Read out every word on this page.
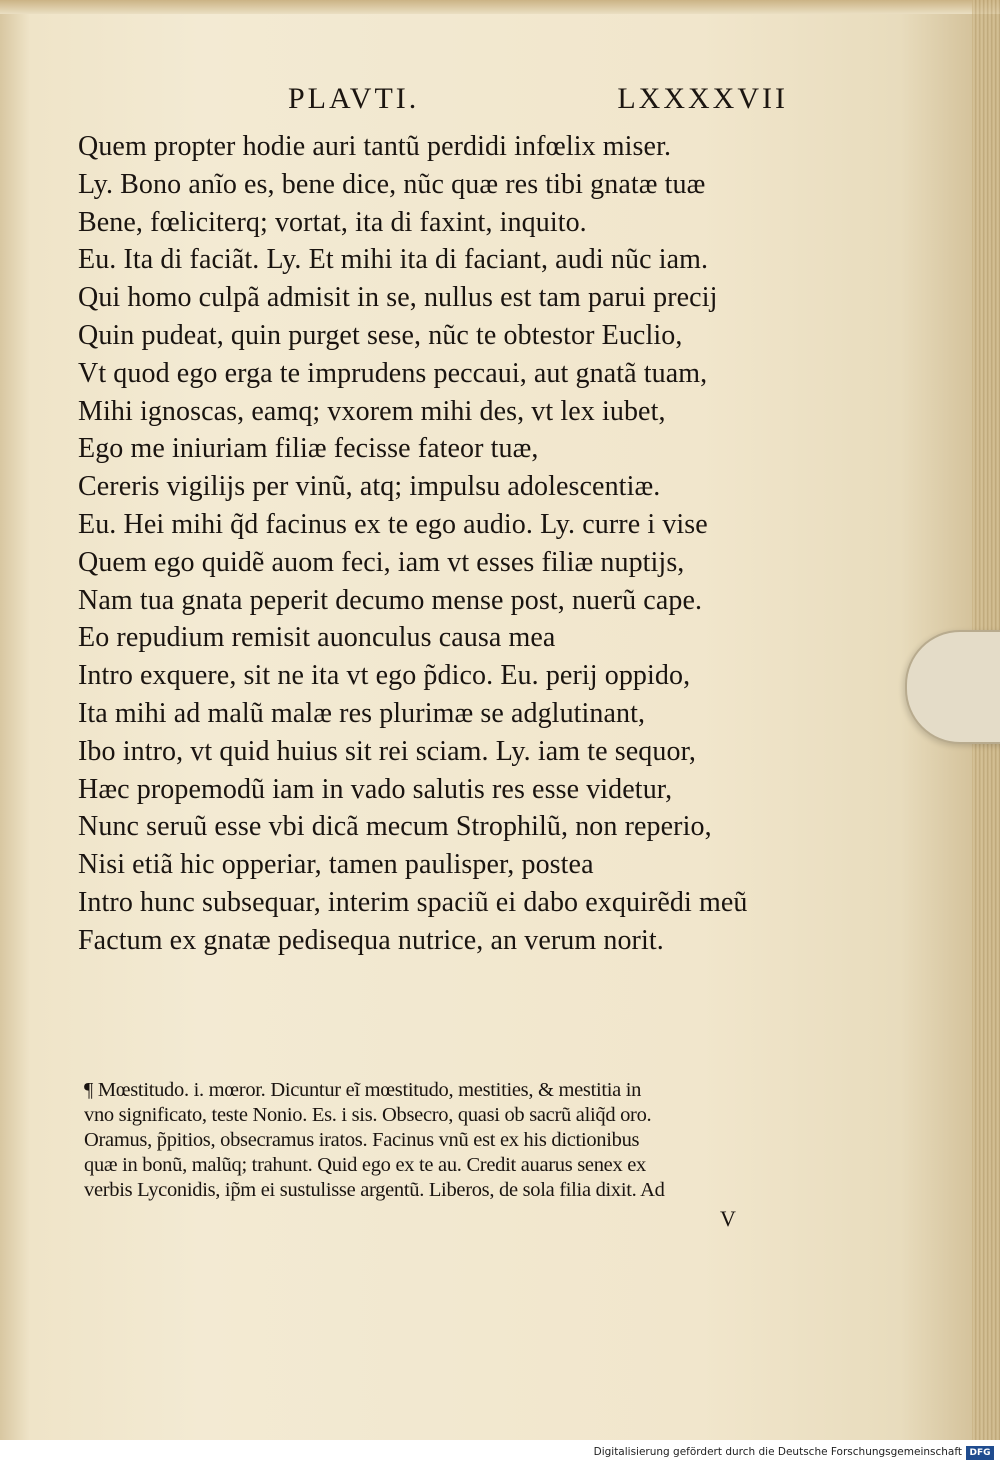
PLAVTI.	LXXXXVII
Quem propter hodie auri tantũ perdidi infœlix miser.
Ly. Bono anĩo es, bene dice, nũc quæ res tibi gnatæ tuæ
Bene, fœliciterq; vortat, ita di faxint, inquito.
Eu. Ita di faciãt. Ly. Et mihi ita di faciant, audi nũc iam.
Qui homo culpã admisit in se, nullus est tam parui precij
Quin pudeat, quin purget sese, nũc te obtestor Euclio,
Vt quod ego erga te imprudens peccaui, aut gnatã tuam,
Mihi ignoscas, eamq; vxorem mihi des, vt lex iubet,
Ego me iniuriam filiæ fecisse fateor tuæ,
Cereris vigilijs per vinũ, atq; impulsu adolescentiæ.
Eu. Hei mihi q̃d facinus ex te ego audio. Ly. curre i vise
Quem ego quidẽ auom feci, iam vt esses filiæ nuptijs,
Nam tua gnata peperit decumo mense post, nuerũ cape.
Eo repudium remisit auonculus causa mea
Intro exquere, sit ne ita vt ego p̃dico. Eu. perij oppido,
Ita mihi ad malũ malæ res plurimæ se adglutinant,
Ibo intro, vt quid huius sit rei sciam. Ly. iam te sequor,
Hæc propemodũ iam in vado salutis res esse videtur,
Nunc seruũ esse vbi dicã mecum Strophilũ, non reperio,
Nisi etiã hic opperiar, tamen paulisper, postea
Intro hunc subsequar, interim spaciũ ei dabo exquirẽdi meũ
Factum ex gnatæ pedisequa nutrice, an verum norit.
¶ Mœstitudo. i. mœror. Dicuntur eĩ mœstitudo, mestities, & mestitia in
vno significato, teste Nonio. Es. i sis. Obsecro, quasi ob sacrũ aliq̃d oro.
Oramus, p̃pitios, obsecramus iratos. Facinus vnũ est ex his dictionibus
quæ in bonũ, malũq; trahunt. Quid ego ex te au. Credit auarus senex ex
verbis Lyconidis, ip̃m ei sustulisse argentũ. Liberos, de sola filia dixit. Ad
V
Digitalisierung gefördert durch die Deutsche Forschungsgemeinschaft DFG
